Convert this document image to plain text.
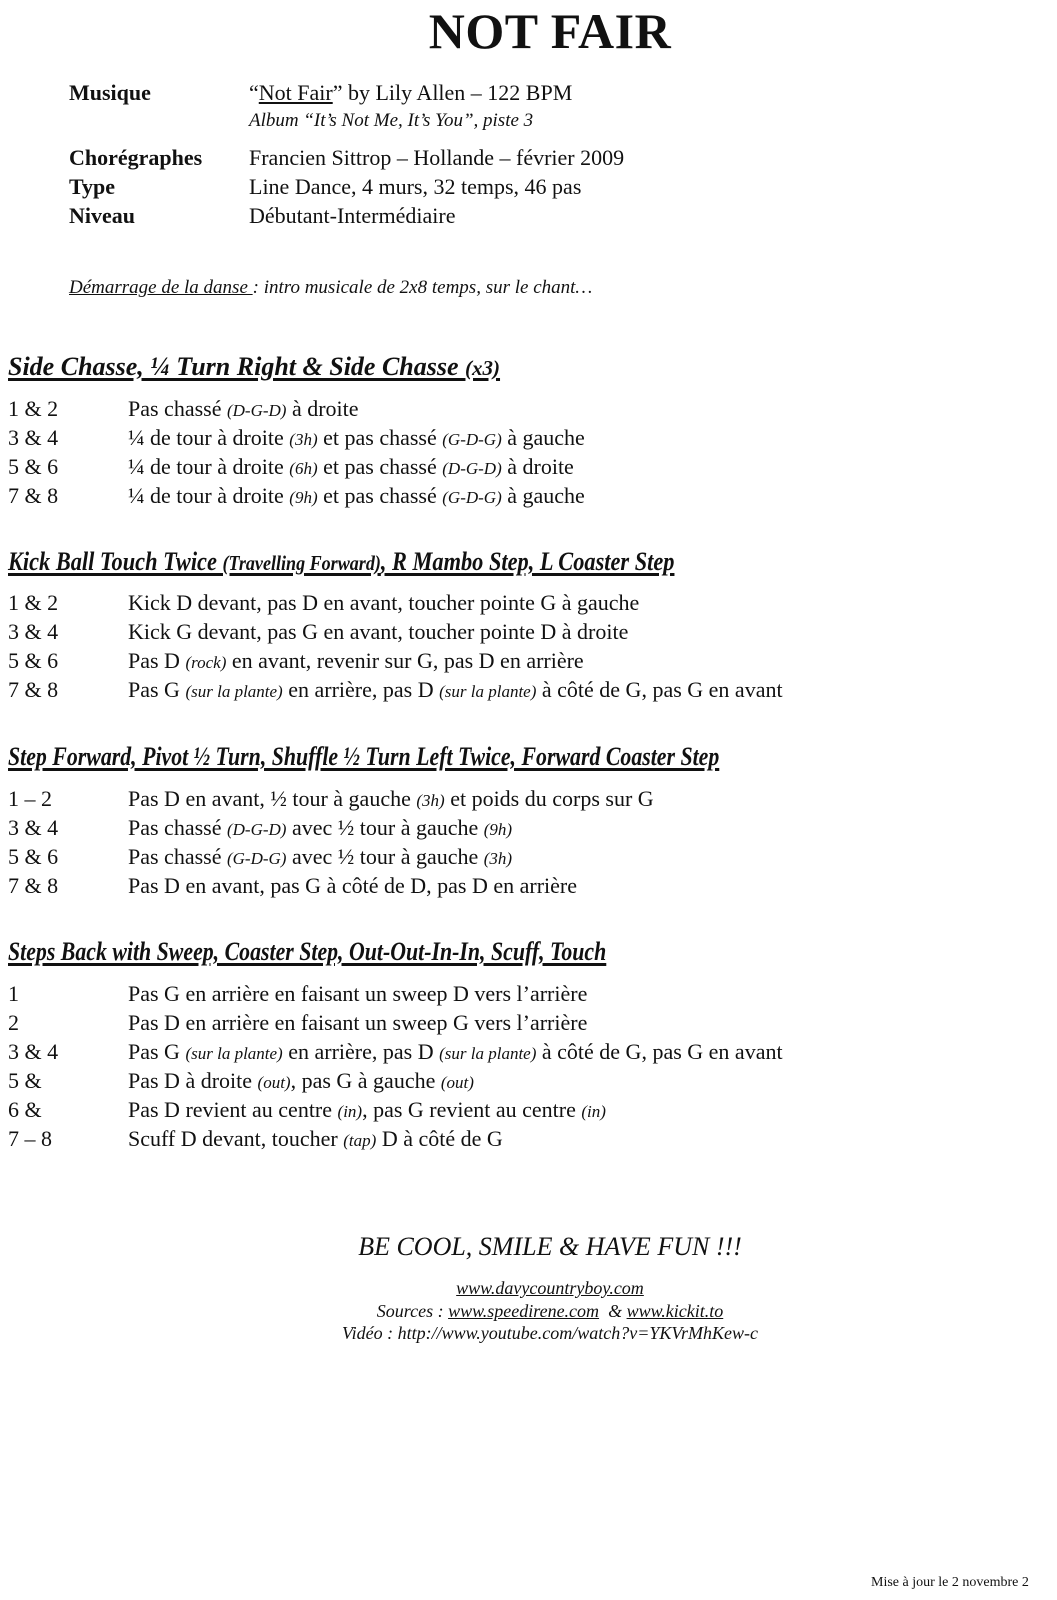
NOT FAIR
Musique	“Not Fair” by Lily Allen – 122 BPM
Album “It’s Not Me, It’s You”, piste 3
Chorégraphes Francien Sittrop – Hollande – février 2009
Type	Line Dance, 4 murs, 32 temps, 46 pas
Niveau	Débutant-Intermédiaire
Démarrage de la danse : intro musicale de 2x8 temps, sur le chant…
Side Chasse, ¼ Turn Right & Side Chasse (x3)
1 & 2	Pas chassé (D-G-D) à droite
3 & 4	¼ de tour à droite (3h) et pas chassé (G-D-G) à gauche
5 & 6	¼ de tour à droite (6h) et pas chassé (D-G-D) à droite
7 & 8	¼ de tour à droite (9h) et pas chassé (G-D-G) à gauche
Kick Ball Touch Twice (Travelling Forward), R Mambo Step, L Coaster Step
1 & 2	Kick D devant, pas D en avant, toucher pointe G à gauche
3 & 4	Kick G devant, pas G en avant, toucher pointe D à droite
5 & 6	Pas D (rock) en avant, revenir sur G, pas D en arrière
7 & 8	Pas G (sur la plante) en arrière, pas D (sur la plante) à côté de G, pas G en avant
Step Forward, Pivot ½ Turn, Shuffle ½ Turn Left Twice, Forward Coaster Step
1 – 2	Pas D en avant, ½ tour à gauche (3h) et poids du corps sur G
3 & 4	Pas chassé (D-G-D) avec ½ tour à gauche (9h)
5 & 6	Pas chassé (G-D-G) avec ½ tour à gauche (3h)
7 & 8	Pas D en avant, pas G à côté de D, pas D en arrière
Steps Back with Sweep, Coaster Step, Out-Out-In-In, Scuff, Touch
1	Pas G en arrière en faisant un sweep D vers l’arrière
2	Pas D en arrière en faisant un sweep G vers l’arrière
3 & 4	Pas G (sur la plante) en arrière, pas D (sur la plante) à côté de G, pas G en avant
5 &	Pas D à droite (out), pas G à gauche (out)
6 &	Pas D revient au centre (in), pas G revient au centre (in)
7 – 8	Scuff D devant, toucher (tap) D à côté de G
BE COOL, SMILE & HAVE FUN !!!
www.davycountryboy.com
Sources : www.speedirene.com  & www.kickit.to
Vidéo : http://www.youtube.com/watch?v=YKVrMhKew-c
Mise à jour le 2 novembre 2
